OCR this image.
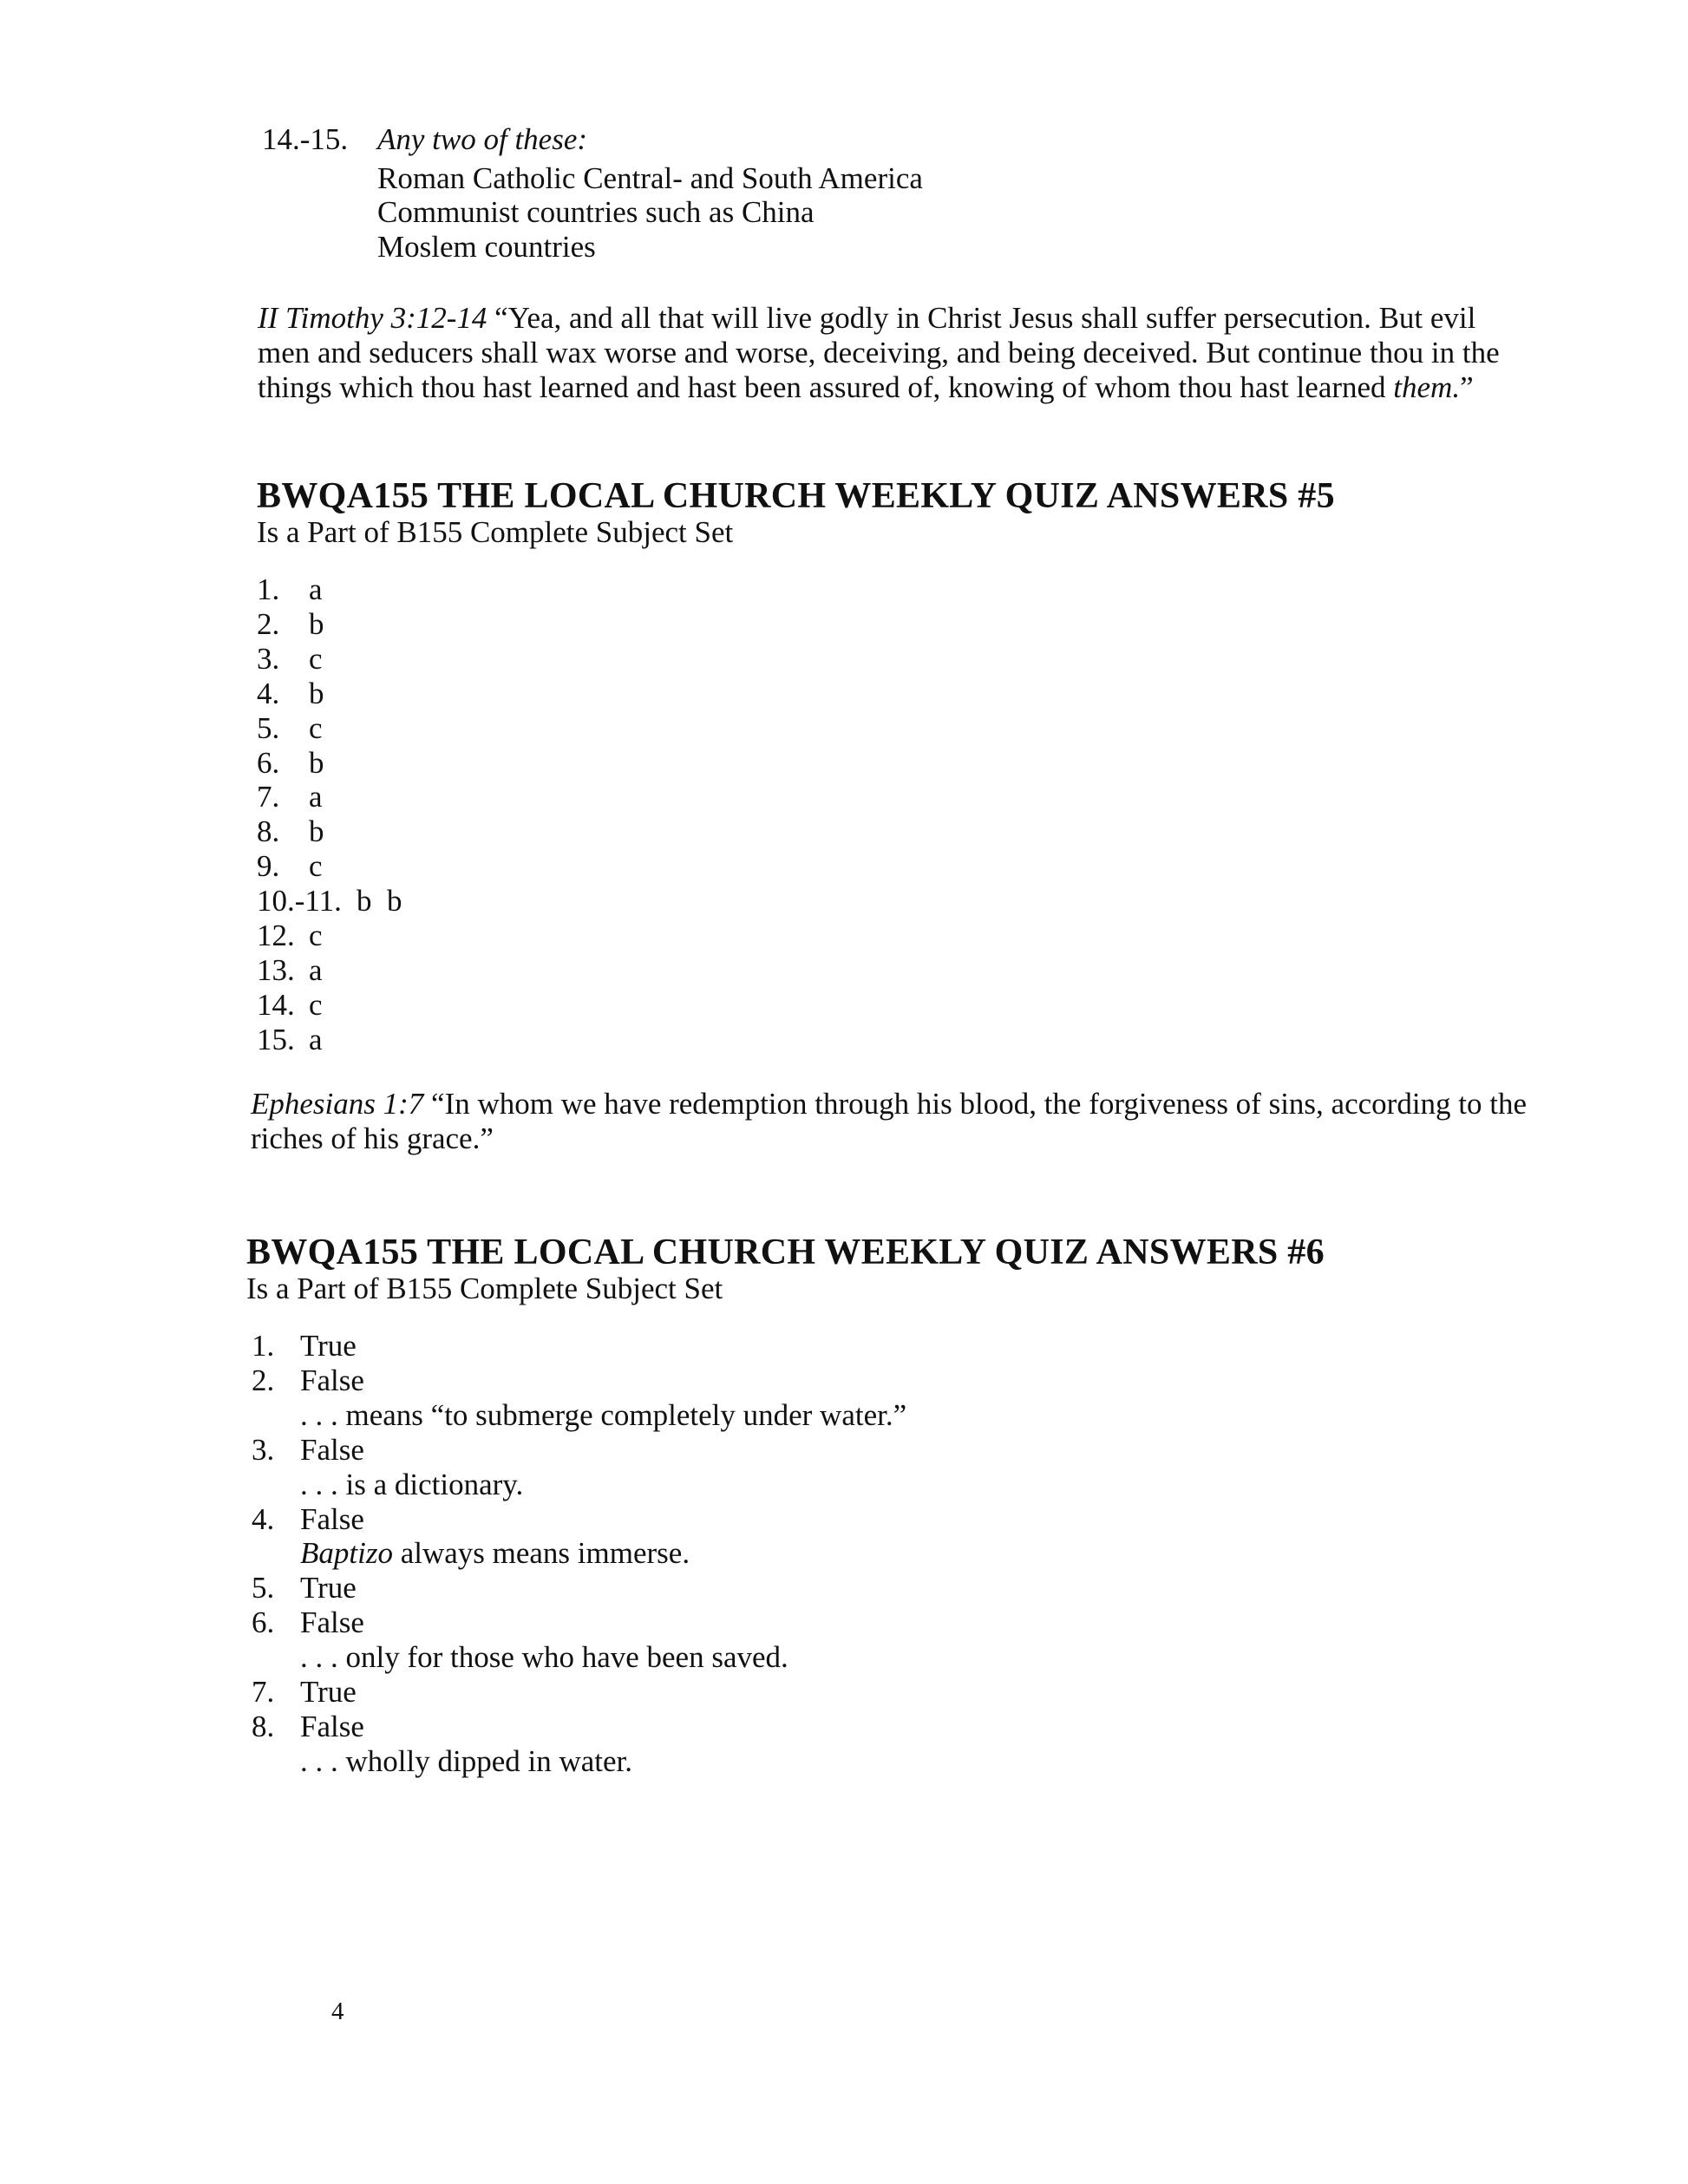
14.-15. Any two of these:
Roman Catholic Central- and South America
Communist countries such as China
Moslem countries
II Timothy 3:12-14 “Yea, and all that will live godly in Christ Jesus shall suffer persecution. But evil
men and seducers shall wax worse and worse, deceiving, and being deceived. But continue thou in the
things which thou hast learned and hast been assured of, knowing of whom thou hast learned them.”
BWQA155 THE LOCAL CHURCH WEEKLY QUIZ ANSWERS #5
Is a Part of B155 Complete Subject Set
1. a
2. b
3. c
4. b
5. c
6. b
7. a
8. b
9. c
10.-11. b  b
12. c
13. a
14. c
15. a
Ephesians 1:7 “In whom we have redemption through his blood, the forgiveness of sins, according to the
riches of his grace.”
BWQA155 THE LOCAL CHURCH WEEKLY QUIZ ANSWERS #6
Is a Part of B155 Complete Subject Set
1. True
2. False
. . . means “to submerge completely under water.”
3. False
. . . is a dictionary.
4. False
Baptizo always means immerse.
5. True
6. False
. . . only for those who have been saved.
7. True
8. False
. . . wholly dipped in water.
4
